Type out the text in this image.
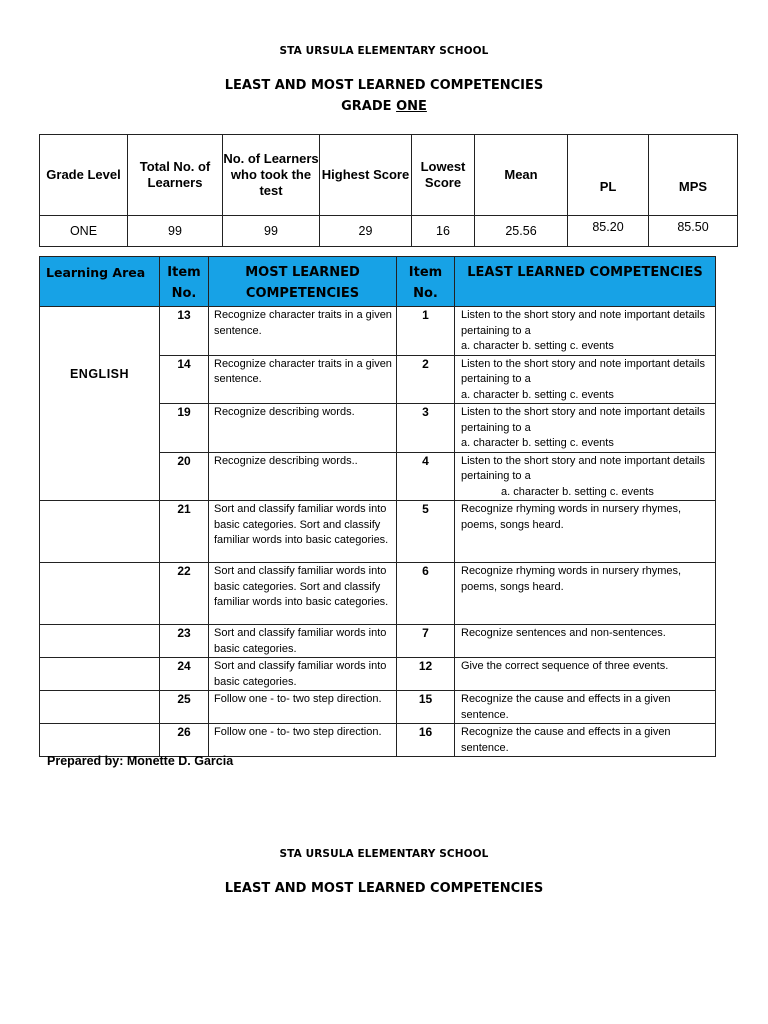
STA URSULA ELEMENTARY SCHOOL
LEAST AND MOST LEARNED COMPETENCIES
GRADE ONE
Grade Level	Total No. of Learners	No. of Learners who took the test	Highest Score	Lowest Score	Mean	PL	MPS
ONE	99	99	29	16	25.56	85.20	85.50
Learning Area	Item No.	MOST LEARNED COMPETENCIES	Item No.	LEAST LEARNED COMPETENCIES
ENGLISH	13	Recognize character traits in a given sentence.	1	Listen to the short story and note important details pertaining to a
a. character b. setting c. events
	14	Recognize character traits in a given sentence.	2	Listen to the short story and note important details pertaining to a
a. character b. setting c. events
	19	Recognize describing words.	3	Listen to the short story and note important details pertaining to a
a. character b. setting c. events
	20	Recognize describing words..	4	Listen to the short story and note important details pertaining to a

a. character b. setting c. events

	21	Sort and classify familiar words into basic categories. Sort and classify familiar words into basic categories.	5	Recognize rhyming words in nursery rhymes, poems, songs heard.
	22	Sort and classify familiar words into basic categories. Sort and classify familiar words into basic categories.	6	Recognize rhyming words in nursery rhymes, poems, songs heard.
	23	Sort and classify familiar words into basic categories.	7	Recognize sentences and non-sentences.
	24	Sort and classify familiar words into basic categories.	12	Give the correct sequence of three events.
	25	Follow one - to- two step direction.	15	Recognize the cause and effects in a given sentence.
	26	Follow one - to- two step direction.	16	Recognize the cause and effects in a given sentence.
Prepared by: Monette D. Garcia
STA URSULA ELEMENTARY SCHOOL
LEAST AND MOST LEARNED COMPETENCIES
